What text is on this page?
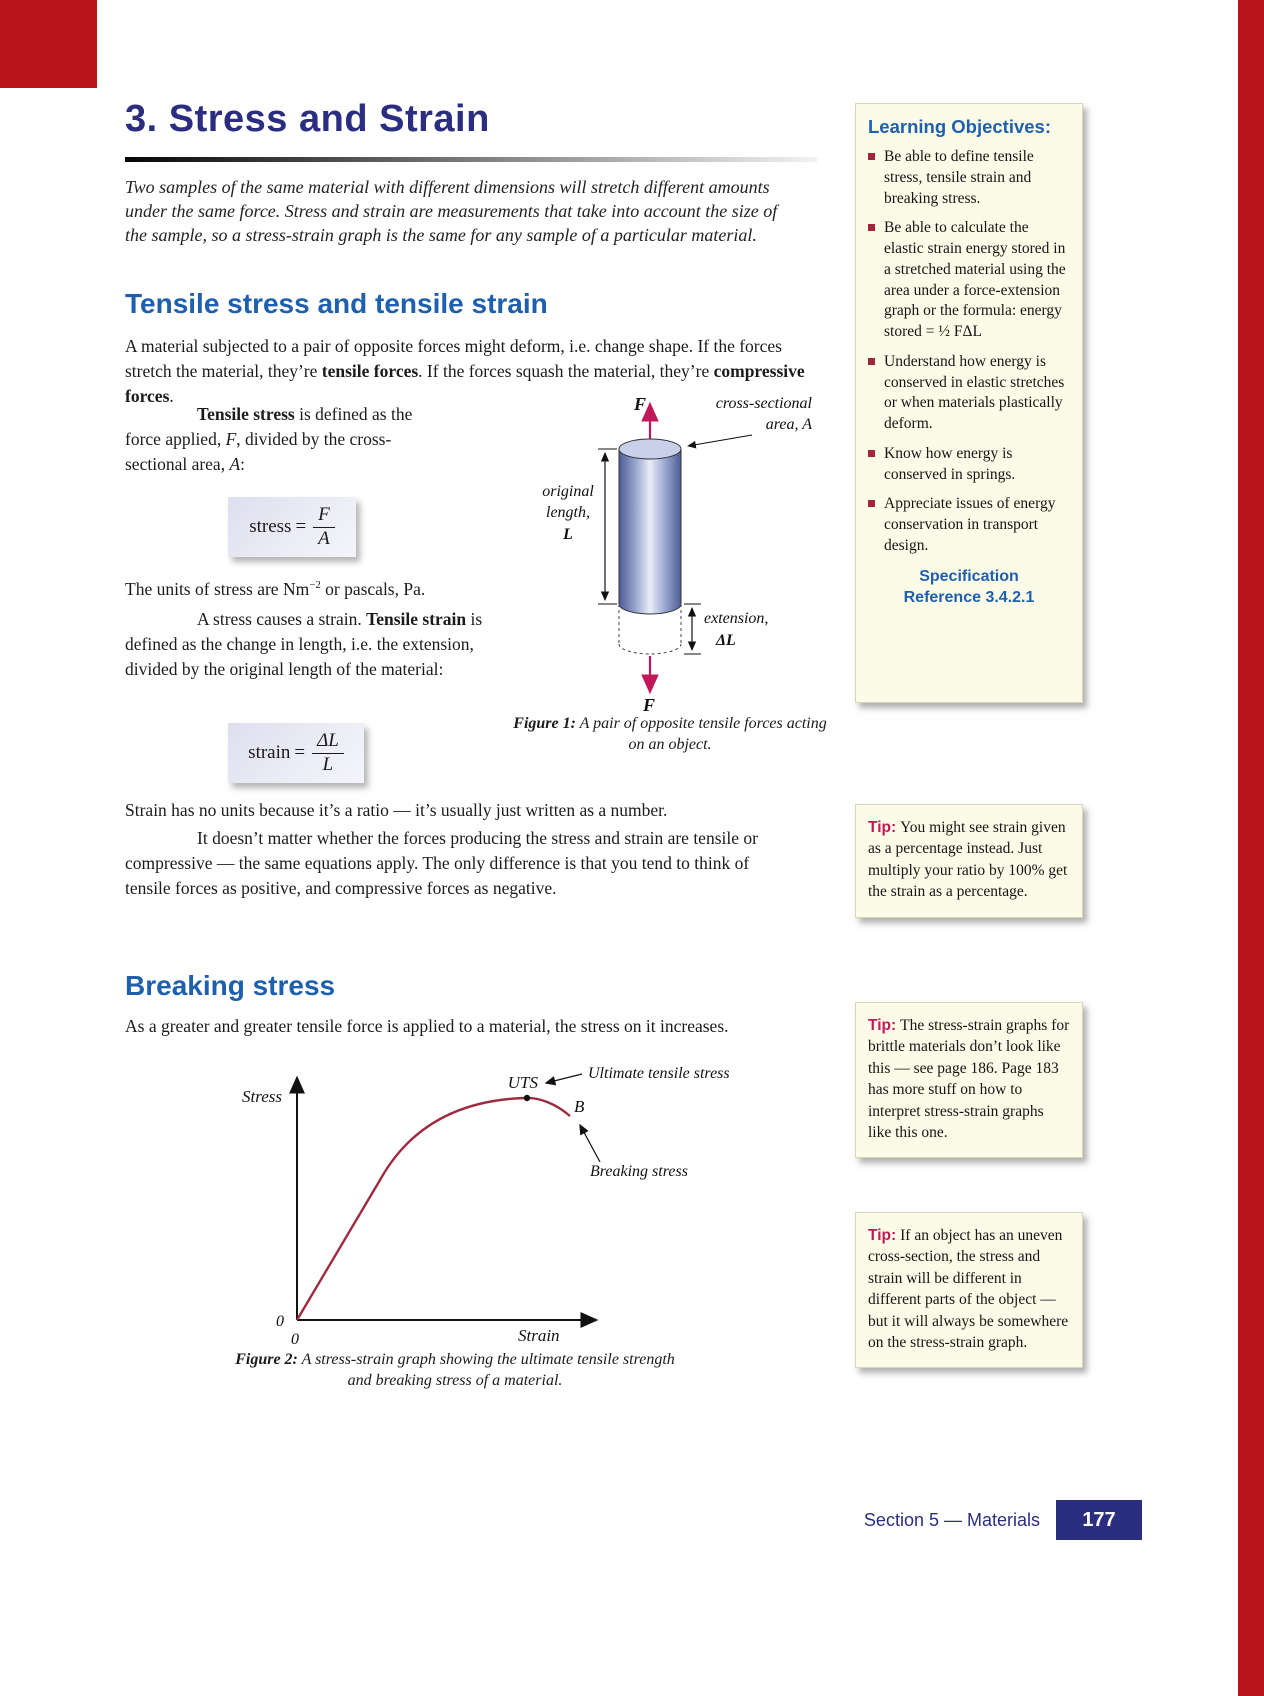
3. Stress and Strain

Two samples of the same material with different dimensions will stretch different amounts under the same force. Stress and strain are measurements that take into account the size of the sample, so a stress-strain graph is the same for any sample of a particular material.

Tensile stress and tensile strain

A material subjected to a pair of opposite forces might deform, i.e. change shape. If the forces stretch the material, they’re tensile forces. If the forces squash the material, they’re compressive forces.

Tensile stress is defined as the force applied, F, divided by the cross-sectional area, A:

stress = $\frac{F}{A}$

The units of stress are $Nm^{-2}$ or pascals, Pa.

A stress causes a strain. Tensile strain is defined as the change in length, i.e. the extension, divided by the original length of the material:

strain = $\frac{\Delta L}{L}$
F	cross-sectional
area, A
original
length,
L
extension,
ΔL
F

Figure 1: A pair of opposite tensile forces acting on an object.

Strain has no units because it’s a ratio — it’s usually just written as a number.

It doesn’t matter whether the forces producing the stress and strain are tensile or compressive — the same equations apply. The only difference is that you tend to think of tensile forces as positive, and compressive forces as negative.

Breaking stress

As a greater and greater tensile force is applied to a material, the stress on it increases.

Stress
Strain
0
0
UTS	Ultimate tensile stress
B
Breaking stress

Figure 2: A stress-strain graph showing the ultimate tensile strength and breaking stress of a material.

Learning Objectives:
Be able to define tensile stress, tensile strain and breaking stress.
Be able to calculate the elastic strain energy stored in a stretched material using the area under a force-extension graph or the formula: energy stored = ½ FΔL
Understand how energy is conserved in elastic stretches or when materials plastically deform.
Know how energy is conserved in springs.
Appreciate issues of energy conservation in transport design.
Specification
Reference 3.4.2.1
Tip: You might see strain given as a percentage instead. Just multiply your ratio by 100% get the strain as a percentage.
Tip: The stress-strain graphs for brittle materials don’t look like this — see page 186. Page 183 has more stuff on how to interpret stress-strain graphs like this one.
Tip: If an object has an uneven cross-section, the stress and strain will be different in different parts of the object — but it will always be somewhere on the stress-strain graph.
Section 5 — Materials	177
